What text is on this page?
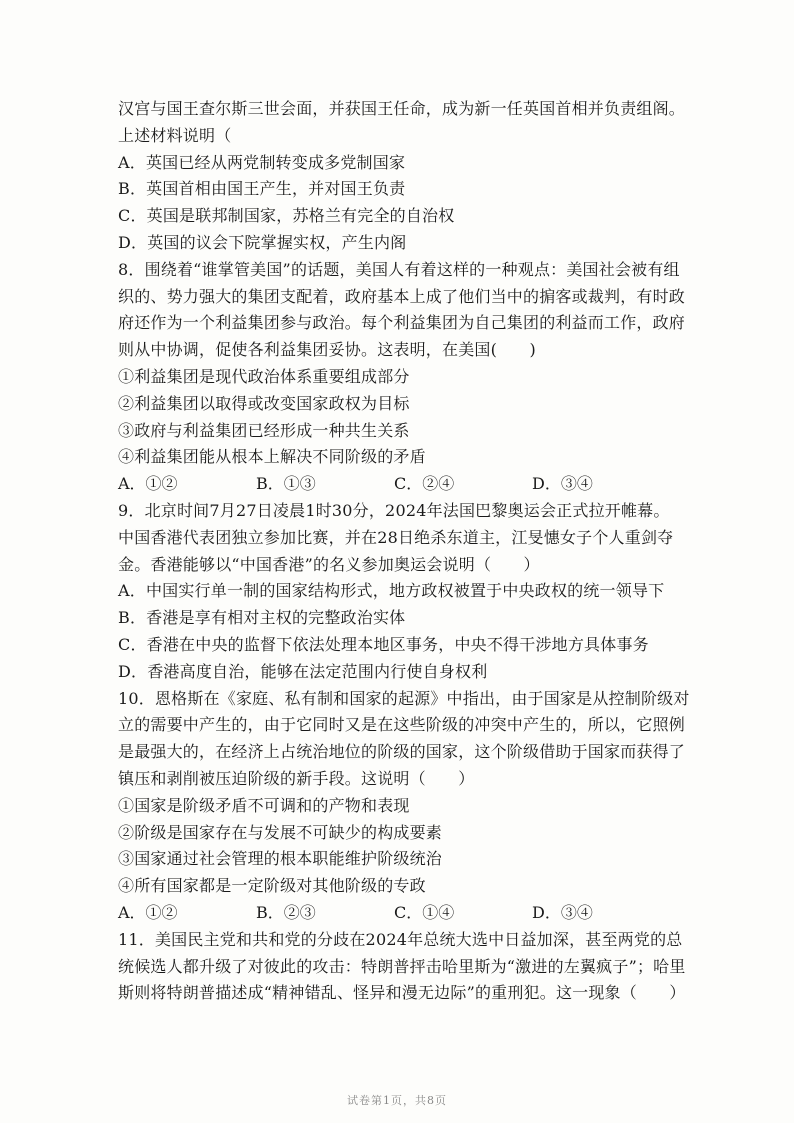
汉宫与国王查尔斯三世会面，并获国王任命，成为新一任英国首相并负责组阁。
上述材料说明（
A．英国已经从两党制转变成多党制国家
B．英国首相由国王产生，并对国王负责
C．英国是联邦制国家，苏格兰有完全的自治权
D．英国的议会下院掌握实权，产生内阁
8．围绕着“谁掌管美国”的话题，美国人有着这样的一种观点：美国社会被有组
织的、势力强大的集团支配着，政府基本上成了他们当中的掮客或裁判，有时政
府还作为一个利益集团参与政治。每个利益集团为自己集团的利益而工作，政府
则从中协调，促使各利益集团妥协。这表明，在美国(　　)
①利益集团是现代政治体系重要组成部分
②利益集团以取得或改变国家政权为目标
③政府与利益集团已经形成一种共生关系
④利益集团能从根本上解决不同阶级的矛盾
A．①②	B．①③	C．②④	D．③④
9．北京时间7月27日凌晨1时30分，2024年法国巴黎奥运会正式拉开帷幕。
中国香港代表团独立参加比赛，并在28日绝杀东道主，江旻憓女子个人重剑夺
金。香港能够以“中国香港”的名义参加奥运会说明（　　）
A．中国实行单一制的国家结构形式，地方政权被置于中央政权的统一领导下
B．香港是享有相对主权的完整政治实体
C．香港在中央的监督下依法处理本地区事务，中央不得干涉地方具体事务
D．香港高度自治，能够在法定范围内行使自身权利
10．恩格斯在《家庭、私有制和国家的起源》中指出，由于国家是从控制阶级对
立的需要中产生的，由于它同时又是在这些阶级的冲突中产生的，所以，它照例
是最强大的，在经济上占统治地位的阶级的国家，这个阶级借助于国家而获得了
镇压和剥削被压迫阶级的新手段。这说明（　　）
①国家是阶级矛盾不可调和的产物和表现
②阶级是国家存在与发展不可缺少的构成要素
③国家通过社会管理的根本职能维护阶级统治
④所有国家都是一定阶级对其他阶级的专政
A．①②	B．②③	C．①④	D．③④
11．美国民主党和共和党的分歧在2024年总统大选中日益加深，甚至两党的总
统候选人都升级了对彼此的攻击：特朗普抨击哈里斯为“激进的左翼疯子”；哈里
斯则将特朗普描述成“精神错乱、怪异和漫无边际”的重刑犯。这一现象（　　）
试卷第1页，共8页
